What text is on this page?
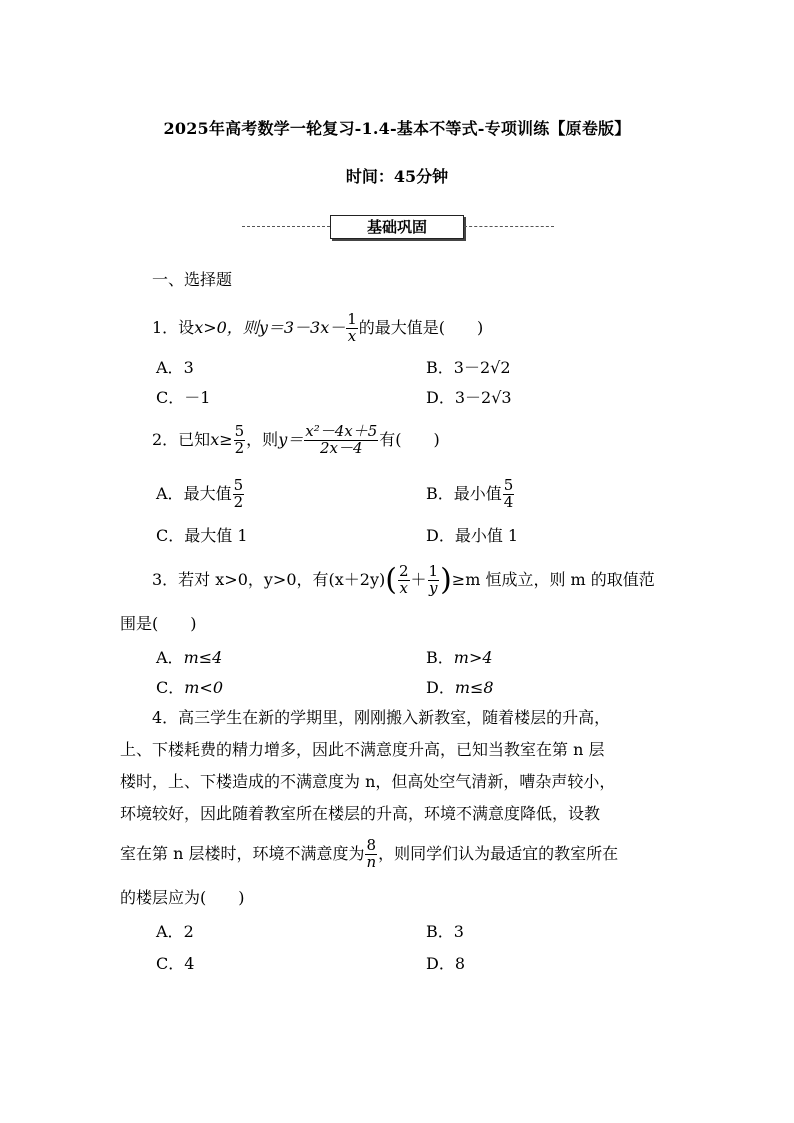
2025年高考数学一轮复习-1.4-基本不等式-专项训练【原卷版】
时间：45分钟
基础巩固
一、选择题
1．设x>0，则$y=3-3x- \frac{1}{x}$ 的最大值是(　　)
A．3	B．3－2√2
C．－1	D．3－2√3
2．已知$x\ge \frac{5}{2}$ ，则$y= \frac{\text{x²－4x＋5}}{2x-4}$ 有(　　)
A．最大值 $\frac{5}{2}$	B．最小值 $\frac{5}{4}$
C．最大值 1	D．最小值 1
3．若对 x>0，y>0，有$(x+2y)( \frac{2}{x} + \frac{1}{y} )\ge m$ 恒成立，则 m 的取值范
围是(　　)
A．m≤4	B．m>4
C．m<0	D．m≤8
4．高三学生在新的学期里，刚刚搬入新教室，随着楼层的升高，
上、下楼耗费的精力增多，因此不满意度升高，已知当教室在第 n 层
楼时，上、下楼造成的不满意度为 n，但高处空气清新，嘈杂声较小，
环境较好，因此随着教室所在楼层的升高，环境不满意度降低，设教
室在第 n 层楼时，环境不满意度为 $\frac{8}{n}$ ，则同学们认为最适宜的教室所在
的楼层应为(　　)
A．2	B．3
C．4	D．8
